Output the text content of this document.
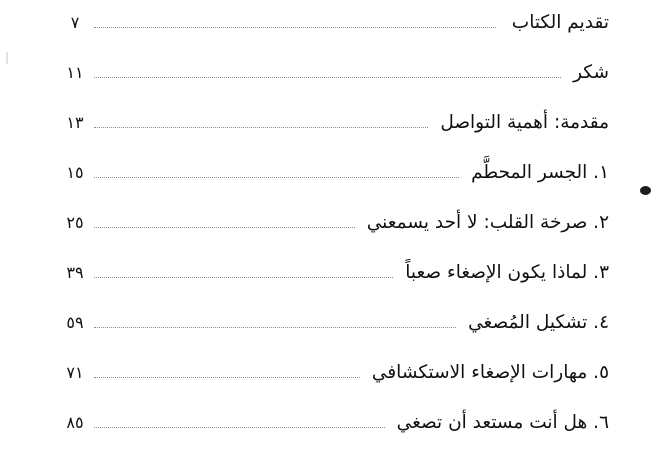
تقديم الكتاب
٧
شكر
١١
مقدمة: أهمية التواصل
١٣
١. الجسر المحطَّم
١٥
٢. صرخة القلب: لا أحد يسمعني
٢٥
٣. لماذا يكون الإصغاء صعباً
٣٩
٤. تشكيل المُصغي
٥٩
٥. مهارات الإصغاء الاستكشافي
٧١
٦. هل أنت مستعد أن تصغي
٨٥
